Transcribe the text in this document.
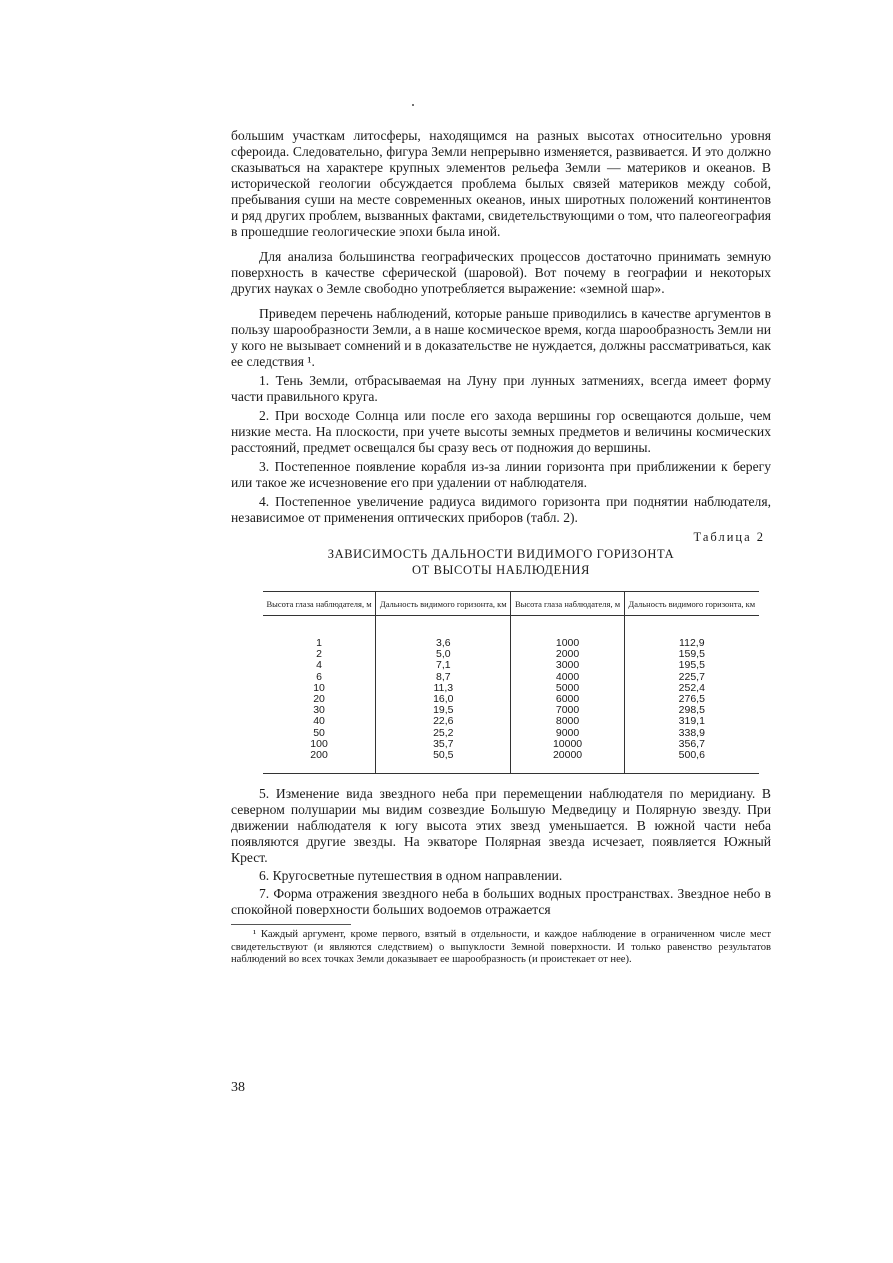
большим участкам литосферы, находящимся на разных высотах относительно уровня сфероида. Следовательно, фигура Земли непрерывно изменяется, развивается. И это должно сказываться на характере крупных элементов рельефа Земли — материков и океанов. В исторической геологии обсуждается проблема былых связей материков между собой, пребывания суши на месте современных океанов, иных широтных положений континентов и ряд других проблем, вызванных фактами, свидетельствующими о том, что палеогеография в прошедшие геологические эпохи была иной.

Для анализа большинства географических процессов достаточно принимать земную поверхность в качестве сферической (шаровой). Вот почему в географии и некоторых других науках о Земле свободно употребляется выражение: «земной шар».

Приведем перечень наблюдений, которые раньше приводились в качестве аргументов в пользу шарообразности Земли, а в наше космическое время, когда шарообразность Земли ни у кого не вызывает сомнений и в доказательстве не нуждается, должны рассматриваться, как ее следствия ¹.

1. Тень Земли, отбрасываемая на Луну при лунных затмениях, всегда имеет форму части правильного круга.

2. При восходе Солнца или после его захода вершины гор освещаются дольше, чем низкие места. На плоскости, при учете высоты земных предметов и величины космических расстояний, предмет освещался бы сразу весь от подножия до вершины.

3. Постепенное появление корабля из-за линии горизонта при приближении к берегу или такое же исчезновение его при удалении от наблюдателя.

4. Постепенное увеличение радиуса видимого горизонта при поднятии наблюдателя, независимое от применения оптических приборов (табл. 2).

Таблица 2
ЗАВИСИМОСТЬ ДАЛЬНОСТИ ВИДИМОГО ГОРИЗОНТА
ОТ ВЫСОТЫ НАБЛЮДЕНИЯ
Высота глаза наблюдателя, м	Дальность видимого горизонта, км	Высота глаза наблюдателя, м	Дальность видимого горизонта, км

1	3,6	1000	112,9
2	5,0	2000	159,5
4	7,1	3000	195,5
6	8,7	4000	225,7
10	11,3	5000	252,4
20	16,0	6000	276,5
30	19,5	7000	298,5
40	22,6	8000	319,1
50	25,2	9000	338,9
100	35,7	10000	356,7
200	50,5	20000	500,6

5. Изменение вида звездного неба при перемещении наблюдателя по меридиану. В северном полушарии мы видим созвездие Большую Медведицу и Полярную звезду. При движении наблюдателя к югу высота этих звезд уменьшается. В южной части неба появляются другие звезды. На экваторе Полярная звезда исчезает, появляется Южный Крест.

6. Кругосветные путешествия в одном направлении.

7. Форма отражения звездного неба в больших водных пространствах. Звездное небо в спокойной поверхности больших водоемов отражается

¹ Каждый аргумент, кроме первого, взятый в отдельности, и каждое наблюдение в ограниченном числе мест свидетельствуют (и являются следствием) о выпуклости Земной поверхности. И только равенство результатов наблюдений во всех точках Земли доказывает ее шарообразность (и проистекает от нее).

38
